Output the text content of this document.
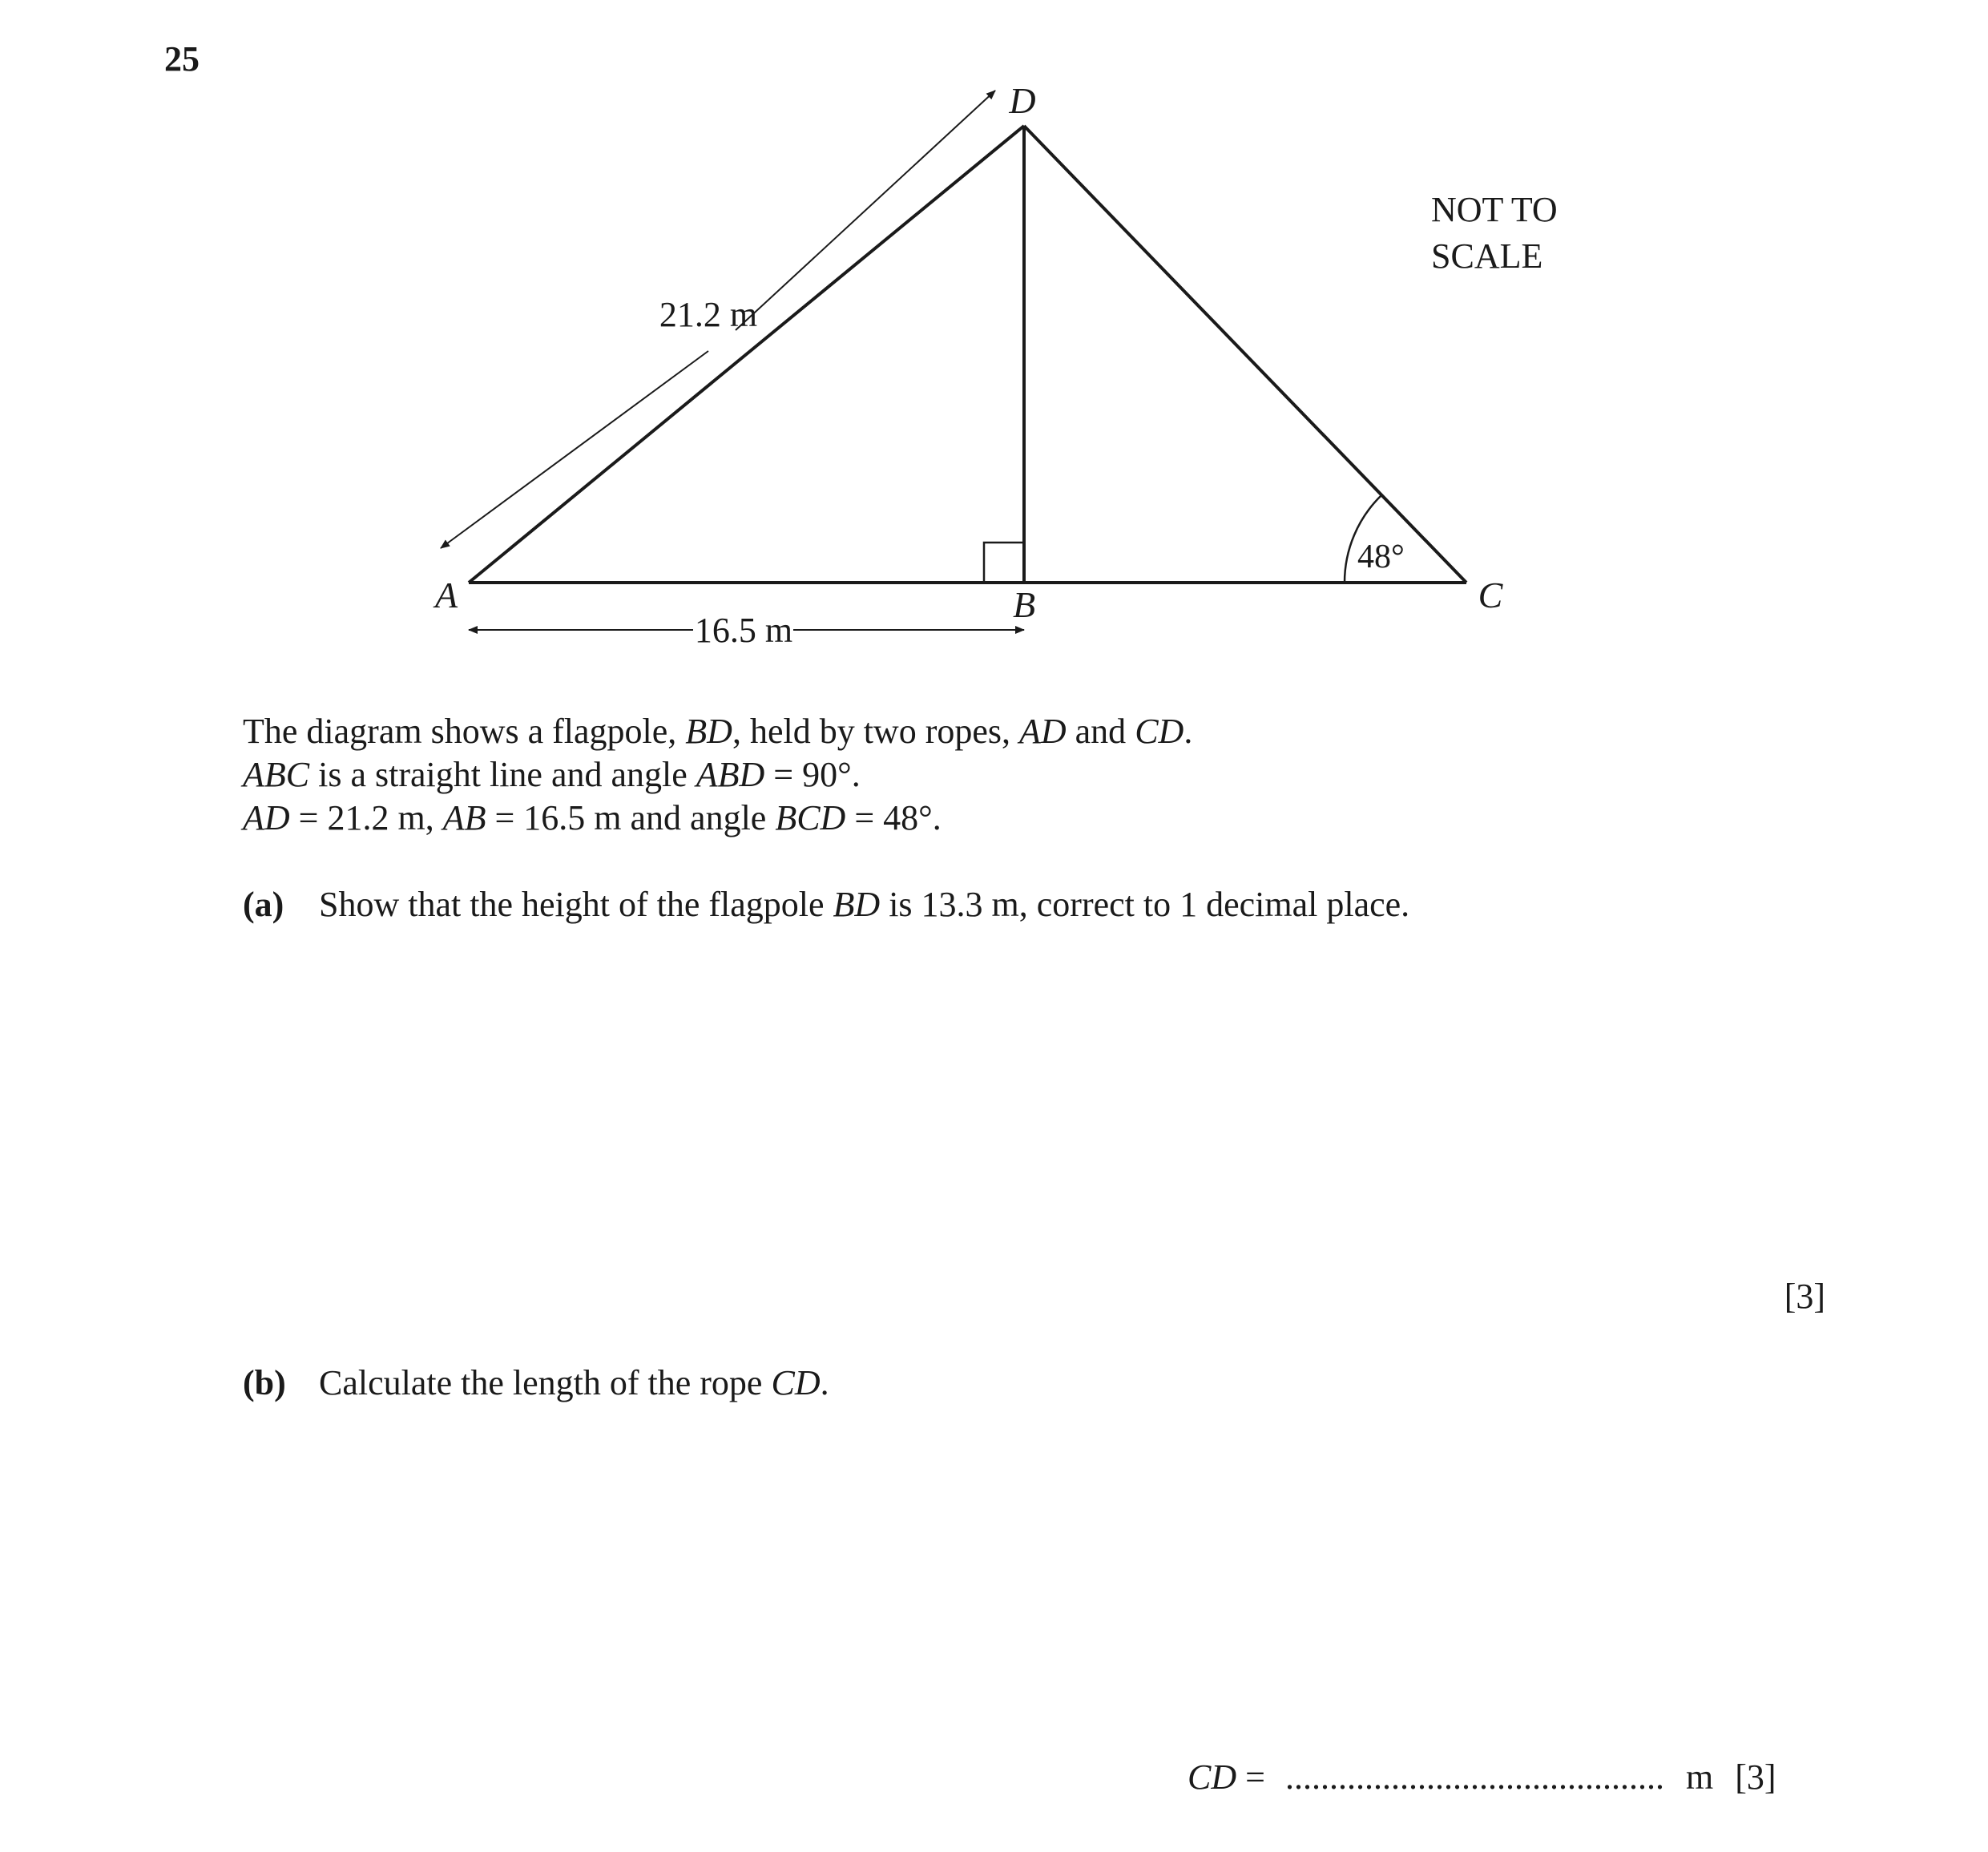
25
D
A	B	C
21.2 m
16.5 m
48°
NOT TO
SCALE
The diagram shows a flagpole, BD, held by two ropes, AD and CD.
ABC is a straight line and angle ABD = 90°.
AD = 21.2 m, AB = 16.5 m and angle BCD = 48°.
(a) Show that the height of the flagpole BD is 13.3 m, correct to 1 decimal place.
[3]
(b) Calculate the length of the rope CD.
CD = ........................................... m [3]
